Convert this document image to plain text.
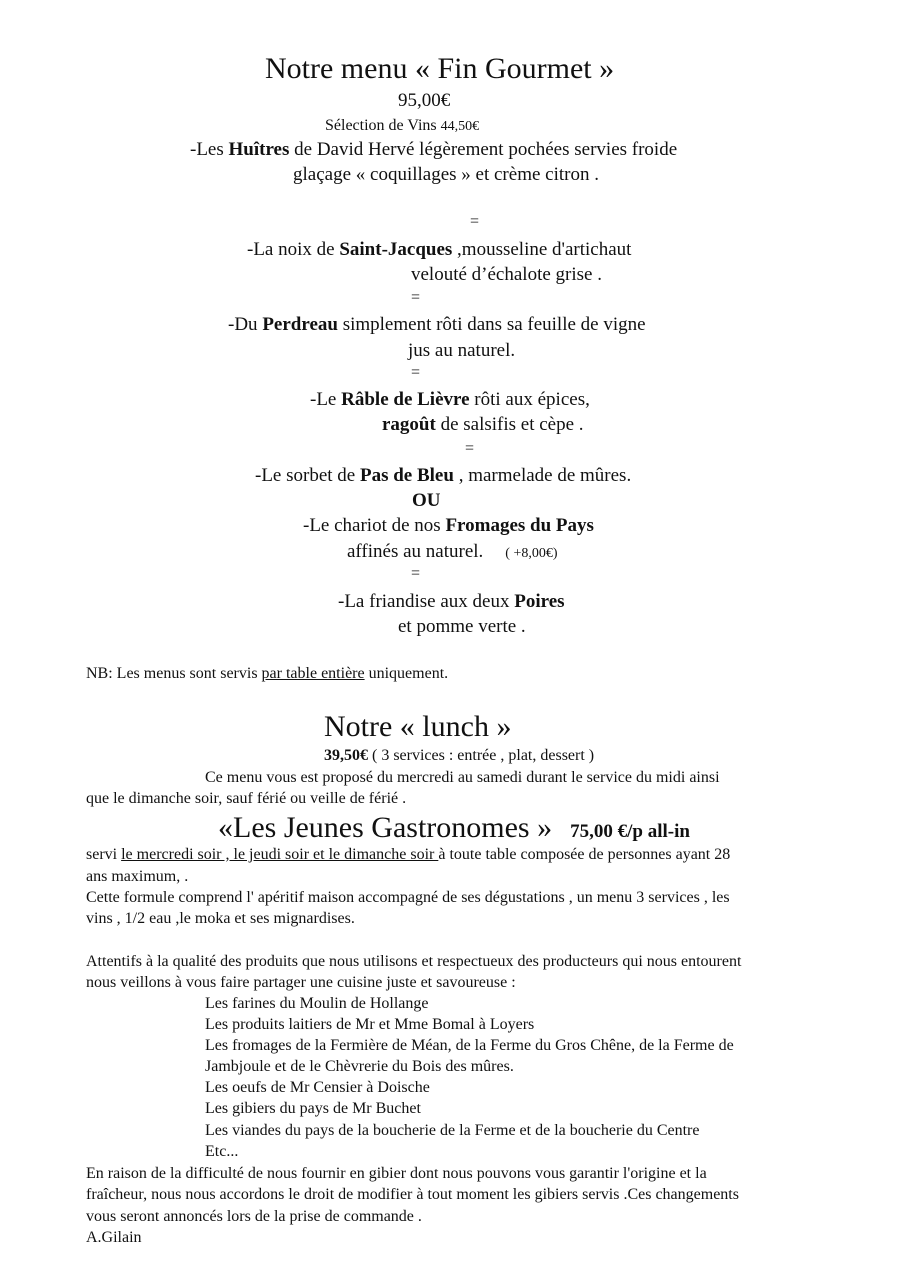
Notre menu « Fin Gourmet »
95,00€
Sélection de Vins 44,50€
-Les Huîtres de David Hervé légèrement pochées servies froide
glaçage « coquillages » et crème citron .
=
-La noix de Saint-Jacques ,mousseline d'artichaut
velouté d’échalote grise .
=
-Du Perdreau simplement rôti dans sa feuille de vigne
jus au naturel.
=
-Le Râble de Lièvre rôti aux épices,
ragoût de salsifis et cèpe .
=
-Le sorbet de Pas de Bleu , marmelade de mûres.
OU
-Le chariot de nos Fromages du Pays
affinés au naturel. ( +8,00€)
=
-La friandise aux deux Poires
et pomme verte .
NB: Les menus sont servis par table entière uniquement.
Notre « lunch »
39,50€ ( 3 services : entrée , plat, dessert )
Ce menu vous est proposé du mercredi au samedi durant le service du midi ainsi
que le dimanche soir, sauf férié ou veille de férié .
«Les Jeunes Gastronomes » 75,00 €/p all-in
servi le mercredi soir , le jeudi soir et le dimanche soir à toute table composée de personnes ayant 28
ans maximum, .
Cette formule comprend l' apéritif maison accompagné de ses dégustations , un menu 3 services , les
vins , 1/2 eau ,le moka et ses mignardises.
Attentifs à la qualité des produits que nous utilisons et respectueux des producteurs qui nous entourent
nous veillons à vous faire partager une cuisine juste et savoureuse :
Les farines du Moulin de Hollange
Les produits laitiers de Mr et Mme Bomal à Loyers
Les fromages de la Fermière de Méan, de la Ferme du Gros Chêne, de la Ferme de
Jambjoule et de le Chèvrerie du Bois des mûres.
Les oeufs de Mr Censier à Doische
Les gibiers du pays de Mr Buchet
Les viandes du pays de la boucherie de la Ferme et de la boucherie du Centre
Etc...
En raison de la difficulté de nous fournir en gibier dont nous pouvons vous garantir l'origine et la
fraîcheur, nous nous accordons le droit de modifier à tout moment les gibiers servis .Ces changements
vous seront annoncés lors de la prise de commande .
A.Gilain
